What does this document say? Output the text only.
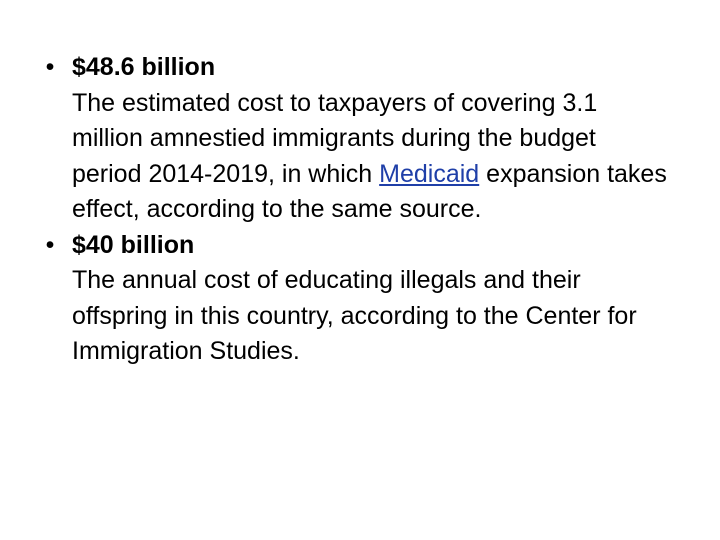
• $48.6 billion
The estimated cost to taxpayers of covering 3.1 million amnestied immigrants during the budget period 2014-2019, in which Medicaid expansion takes effect, according to the same source.
• $40 billion
The annual cost of educating illegals and their offspring in this country, according to the Center for Immigration Studies.
